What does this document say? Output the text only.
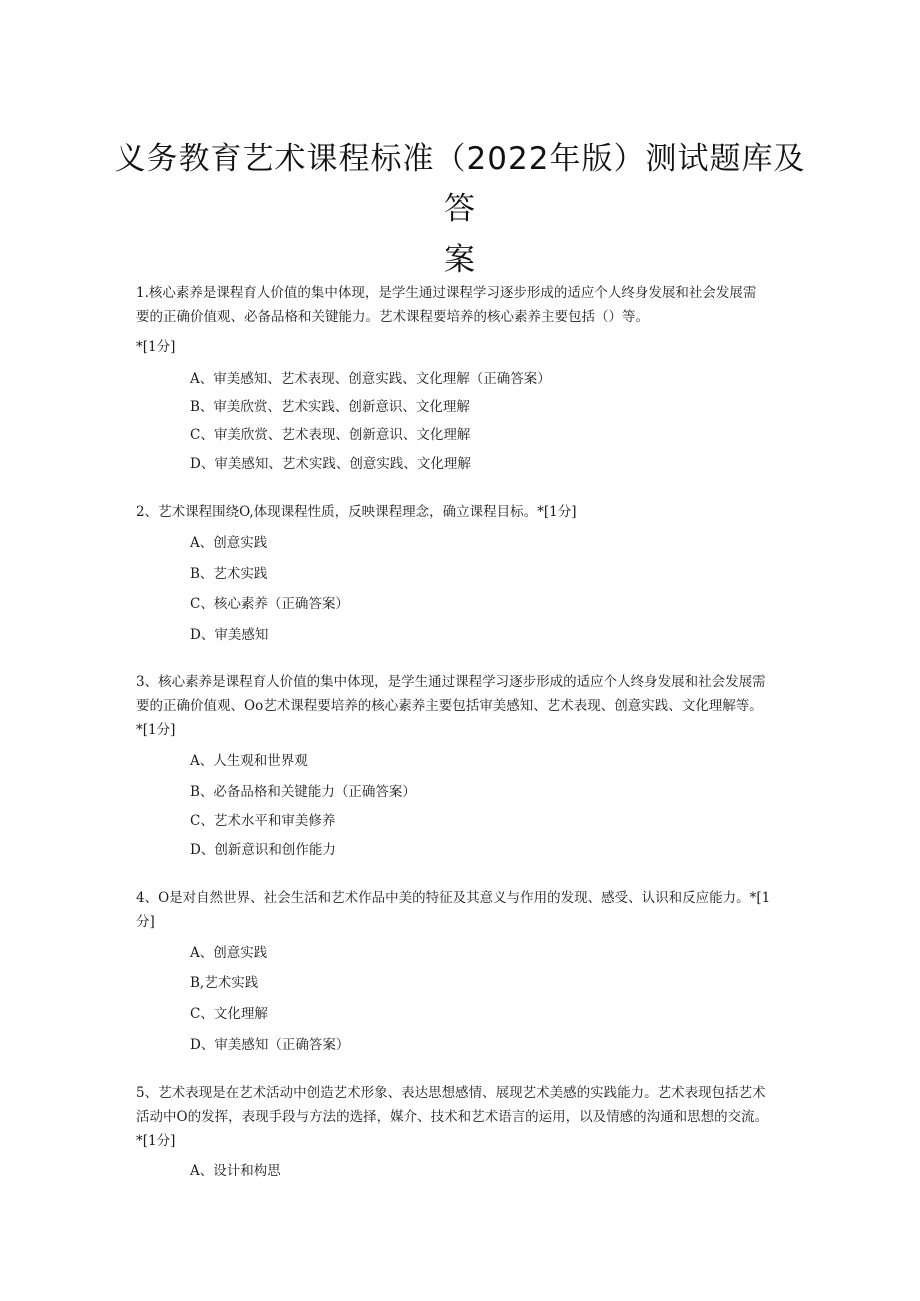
义务教育艺术课程标准（2022年版）测试题库及
答
案
1.核心素养是课程育人价值的集中体现，是学生通过课程学习逐步形成的适应个人终身发展和社会发展需
要的正确价值观、必备品格和关键能力。艺术课程要培养的核心素养主要包括（）等。
*[1分]
A、审美感知、艺术表现、创意实践、文化理解（正确答案）
B、审美欣赏、艺术实践、创新意识、文化理解
C、审美欣赏、艺术表现、创新意识、文化理解
D、审美感知、艺术实践、创意实践、文化理解
2、艺术课程围绕O,体现课程性质，反映课程理念，确立课程目标。*[1分]
A、创意实践
B、艺术实践
C、核心素养（正确答案）
D、审美感知
3、核心素养是课程育人价值的集中体现，是学生通过课程学习逐步形成的适应个人终身发展和社会发展需
要的正确价值观、Oo艺术课程要培养的核心素养主要包括审美感知、艺术表现、创意实践、文化理解等。
*[1分]
A、人生观和世界观
B、必备品格和关键能力（正确答案）
C、艺术水平和审美修养
D、创新意识和创作能力
4、O是对自然世界、社会生活和艺术作品中美的特征及其意义与作用的发现、感受、认识和反应能力。*[1
分]
A、创意实践
B,艺术实践
C、文化理解
D、审美感知（正确答案）
5、艺术表现是在艺术活动中创造艺术形象、表达思想感情、展现艺术美感的实践能力。艺术表现包括艺术
活动中O的发挥，表现手段与方法的选择，媒介、技术和艺术语言的运用，以及情感的沟通和思想的交流。
*[1分]
A、设计和构思
